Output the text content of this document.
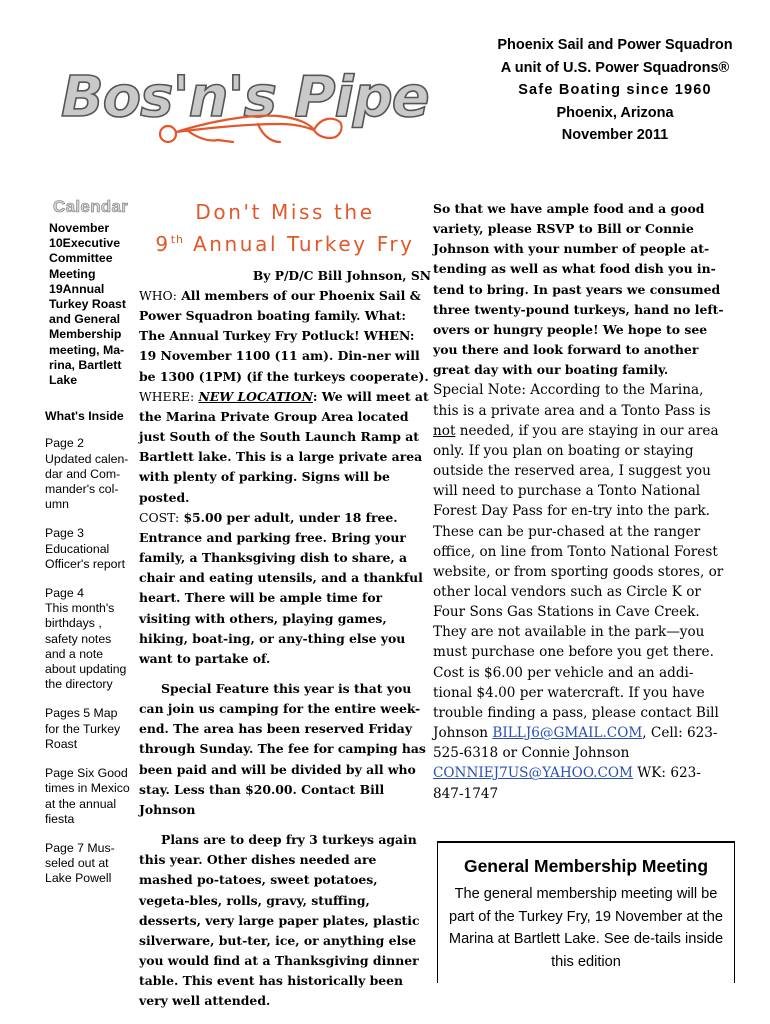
Bos'n's Pipe
Phoenix Sail and Power Squadron
A unit of U.S. Power Squadrons®
Safe Boating since 1960
Phoenix, Arizona
November 2011
Calendar
November 10Executive Committee Meeting 19Annual Turkey Roast and General Membership meeting, Ma-rina, Bartlett Lake
What's Inside
Page 2
Updated calen-dar and Com-mander's col-umn
Page 3
Educational Officer's report
Page 4
This month's birthdays , safety notes and a note about updating the directory
Pages 5 Map
for the Turkey Roast
Page Six Good
times in Mexico at the annual fiesta
Page 7 Mus-
seled out at Lake Powell
Don't Miss the
9th Annual Turkey Fry
By P/D/C Bill Johnson, SN

WHO: All members of our Phoenix Sail & Power Squadron boating family. What: The Annual Turkey Fry Potluck! WHEN: 19 November 1100 (11 am). Din-ner will be 1300 (1PM) (if the turkeys cooperate).

WHERE: NEW LOCATION: We will meet at the Marina Private Group Area located just South of the South Launch Ramp at Bartlett lake. This is a large private area with plenty of parking. Signs will be posted.

COST: $5.00 per adult, under 18 free. Entrance and parking free. Bring your family, a Thanksgiving dish to share, a chair and eating utensils, and a thankful heart. There will be ample time for visiting with others, playing games, hiking, boat-ing, or any-thing else you want to partake of.

Special Feature this year is that you can join us camping for the entire week-end. The area has been reserved Friday through Sunday. The fee for camping has been paid and will be divided by all who stay. Less than $20.00. Contact Bill Johnson

Plans are to deep fry 3 turkeys again this year. Other dishes needed are mashed po-tatoes, sweet potatoes, vegeta-bles, rolls, gravy, stuffing, desserts, very large paper plates, plastic silverware, but-ter, ice, or anything else you would find at a Thanksgiving dinner table. This event has historically been very well attended.

So that we have ample food and a good variety, please RSVP to Bill or Connie Johnson with your number of people at-tending as well as what food dish you in-tend to bring. In past years we consumed three twenty-pound turkeys, hand no left-overs or hungry people! We hope to see you there and look forward to another great day with our boating family.
Special Note: According to the Marina, this is a private area and a Tonto Pass is not needed, if you are staying in our area only. If you plan on boating or staying outside the reserved area, I suggest you will need to purchase a Tonto National Forest Day Pass for en-try into the park. These can be pur-chased at the ranger office, on line from Tonto National Forest website, or from sporting goods stores, or other local vendors such as Circle K or Four Sons Gas Stations in Cave Creek. They are not available in the park—you must purchase one before you get there. Cost is $6.00 per vehicle and an addi-tional $4.00 per watercraft. If you have trouble finding a pass, please contact Bill Johnson BILLJ6@GMAIL.COM, Cell: 623-525-6318 or Connie Johnson CONNIEJ7US@YAHOO.COM WK: 623-847-1747
General Membership Meeting
The general membership meeting will be part of the Turkey Fry, 19 November at the Marina at Bartlett Lake. See de-tails inside this edition
